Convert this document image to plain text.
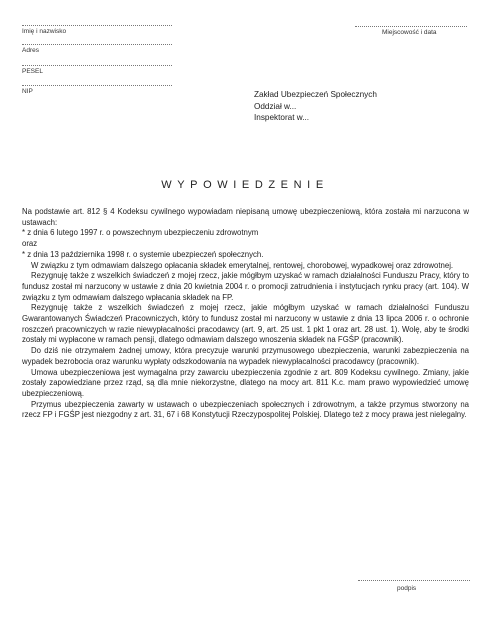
Imię i nazwisko
Adres
PESEL
NIP
Miejscowość i data
Zakład Ubezpieczeń Społecznych
Oddział w...
Inspektorat w...
WYPOWIEDZENIE

Na podstawie art. 812 § 4 Kodeksu cywilnego wypowiadam niepisaną umowę ubezpieczeniową, która została mi narzucona w ustawach:

* z dnia 6 lutego 1997 r. o powszechnym ubezpieczeniu zdrowotnym

oraz

* z dnia 13 października 1998 r. o systemie ubezpieczeń społecznych.

W związku z tym odmawiam dalszego opłacania składek emerytalnej, rentowej, chorobowej, wypadkowej oraz zdrowotnej.

Rezygnuję także z wszelkich świadczeń z mojej rzecz, jakie mógłbym uzyskać w ramach działalności Funduszu Pracy, który to fundusz został mi narzucony w ustawie z dnia 20 kwietnia 2004 r. o promocji zatrudnienia i instytucjach rynku pracy (art. 104). W związku z tym odmawiam dalszego wpłacania składek na FP.

Rezygnuję także z wszelkich świadczeń z mojej rzecz, jakie mógłbym uzyskać w ramach działalności Funduszu Gwarantowanych Świadczeń Pracowniczych, który to fundusz został mi narzucony w ustawie z dnia 13 lipca 2006 r. o ochronie roszczeń pracowniczych w razie niewypłacalności pracodawcy (art. 9, art. 25 ust. 1 pkt 1 oraz art. 28 ust. 1). Wolę, aby te środki zostały mi wypłacone w ramach pensji, dlatego odmawiam dalszego wnoszenia składek na FGŚP (pracownik).

Do dziś nie otrzymałem żadnej umowy, która precyzuje warunki przymusowego ubezpieczenia, warunki zabezpieczenia na wypadek bezrobocia oraz warunku wypłaty odszkodowania na wypadek niewypłacalności pracodawcy (pracownik).

Umowa ubezpieczeniowa jest wymagalna przy zawarciu ubezpieczenia zgodnie z art. 809 Kodeksu cywilnego. Zmiany, jakie zostały zapowiedziane przez rząd, są dla mnie niekorzystne, dlatego na mocy art. 811 K.c. mam prawo wypowiedzieć umowę ubezpieczeniową.

Przymus ubezpieczenia zawarty w ustawach o ubezpieczeniach społecznych i zdrowotnym, a także przymus stworzony na rzecz FP i FGŚP jest niezgodny z art. 31, 67 i 68 Konstytucji Rzeczypospolitej Polskiej. Dlatego też z mocy prawa jest nielegalny.

podpis
